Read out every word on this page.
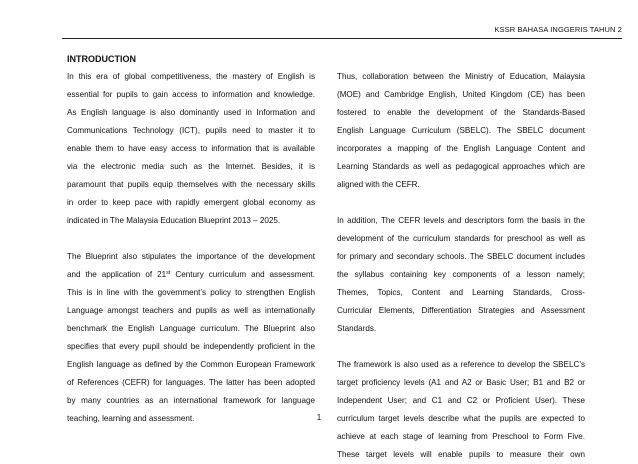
KSSR BAHASA INGGERIS TAHUN 2
INTRODUCTION
In this era of global competitiveness, the mastery of English is
essential for pupils to gain access to information and knowledge.
As English language is also dominantly used in Information and
Communications Technology (ICT), pupils need to master it to
enable them to have easy access to information that is available
via the electronic media such as the Internet. Besides, it is
paramount that pupils equip themselves with the necessary skills
in order to keep pace with rapidly emergent global economy as
indicated in The Malaysia Education Blueprint 2013 – 2025.
The Blueprint also stipulates the importance of the development
and the application of 21st Century curriculum and assessment.
This is in line with the government’s policy to strengthen English
Language amongst teachers and pupils as well as internationally
benchmark the English Language curriculum. The Blueprint also
specifies that every pupil should be independently proficient in the
English language as defined by the Common European Framework
of References (CEFR) for languages. The latter has been adopted
by many countries as an international framework for language
teaching, learning and assessment.
Thus, collaboration between the Ministry of Education, Malaysia
(MOE) and Cambridge English, United Kingdom (CE) has been
fostered to enable the development of the Standards-Based
English Language Curriculum (SBELC). The SBELC document
incorporates a mapping of the English Language Content and
Learning Standards as well as pedagogical approaches which are
aligned with the CEFR.
In addition, The CEFR levels and descriptors form the basis in the
development of the curriculum standards for preschool as well as
for primary and secondary schools. The SBELC document includes
the syllabus containing key components of a lesson namely;
Themes, Topics, Content and Learning Standards, Cross-
Curricular Elements, Differentiation Strategies and Assessment
Standards.
The framework is also used as a reference to develop the SBELC’s
target proficiency levels (A1 and A2 or Basic User; B1 and B2 or
Independent User; and C1 and C2 or Proficient User). These
curriculum target levels describe what the pupils are expected to
achieve at each stage of learning from Preschool to Form Five.
These target levels will enable pupils to measure their own
1
